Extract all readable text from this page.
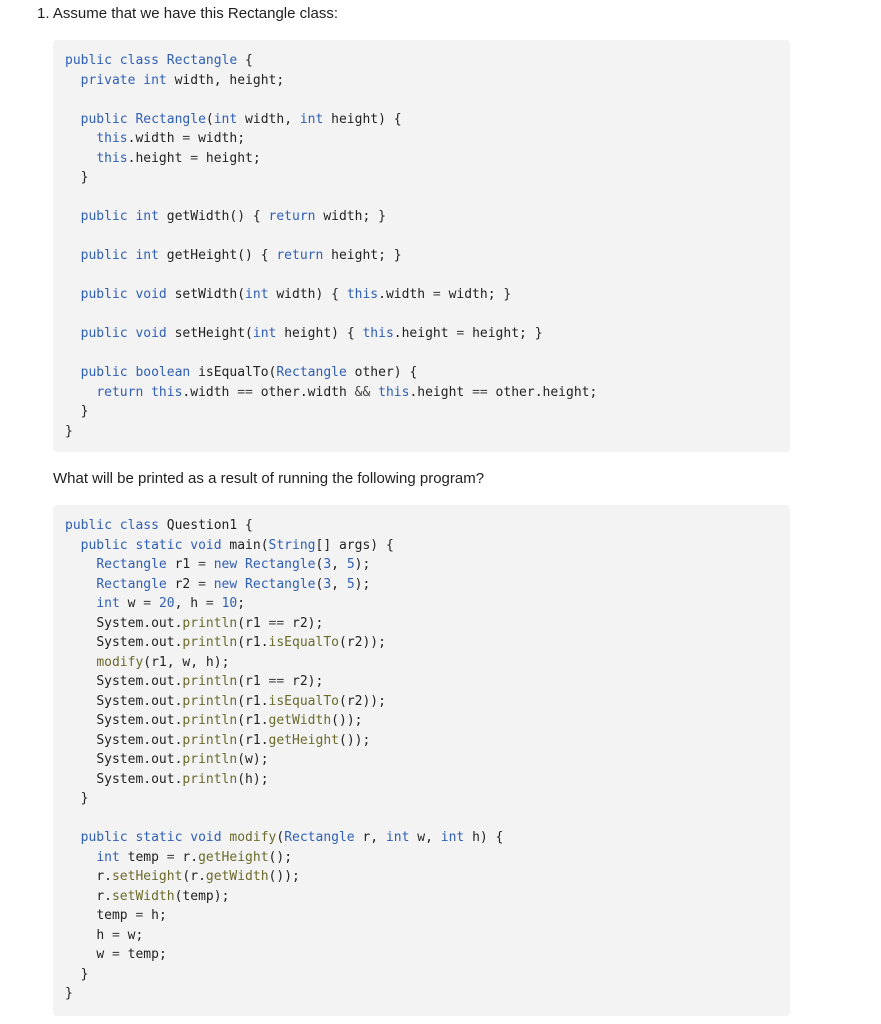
1. Assume that we have this Rectangle class:
public class Rectangle {
private int width, height;

public Rectangle(int width, int height) {
this.width = width;
this.height = height;
}

public int getWidth() { return width; }

public int getHeight() { return height; }

public void setWidth(int width) { this.width = width; }

public void setHeight(int height) { this.height = height; }

public boolean isEqualTo(Rectangle other) {
return this.width == other.width && this.height == other.height;
}
}
What will be printed as a result of running the following program?
public class Question1 {
public static void main(String[] args) {
Rectangle r1 = new Rectangle(3, 5);
Rectangle r2 = new Rectangle(3, 5);
int w = 20, h = 10;
System.out.println(r1 == r2);
System.out.println(r1.isEqualTo(r2));
modify(r1, w, h);
System.out.println(r1 == r2);
System.out.println(r1.isEqualTo(r2));
System.out.println(r1.getWidth());
System.out.println(r1.getHeight());
System.out.println(w);
System.out.println(h);
}

public static void modify(Rectangle r, int w, int h) {
int temp = r.getHeight();
r.setHeight(r.getWidth());
r.setWidth(temp);
temp = h;
h = w;
w = temp;
}
}
